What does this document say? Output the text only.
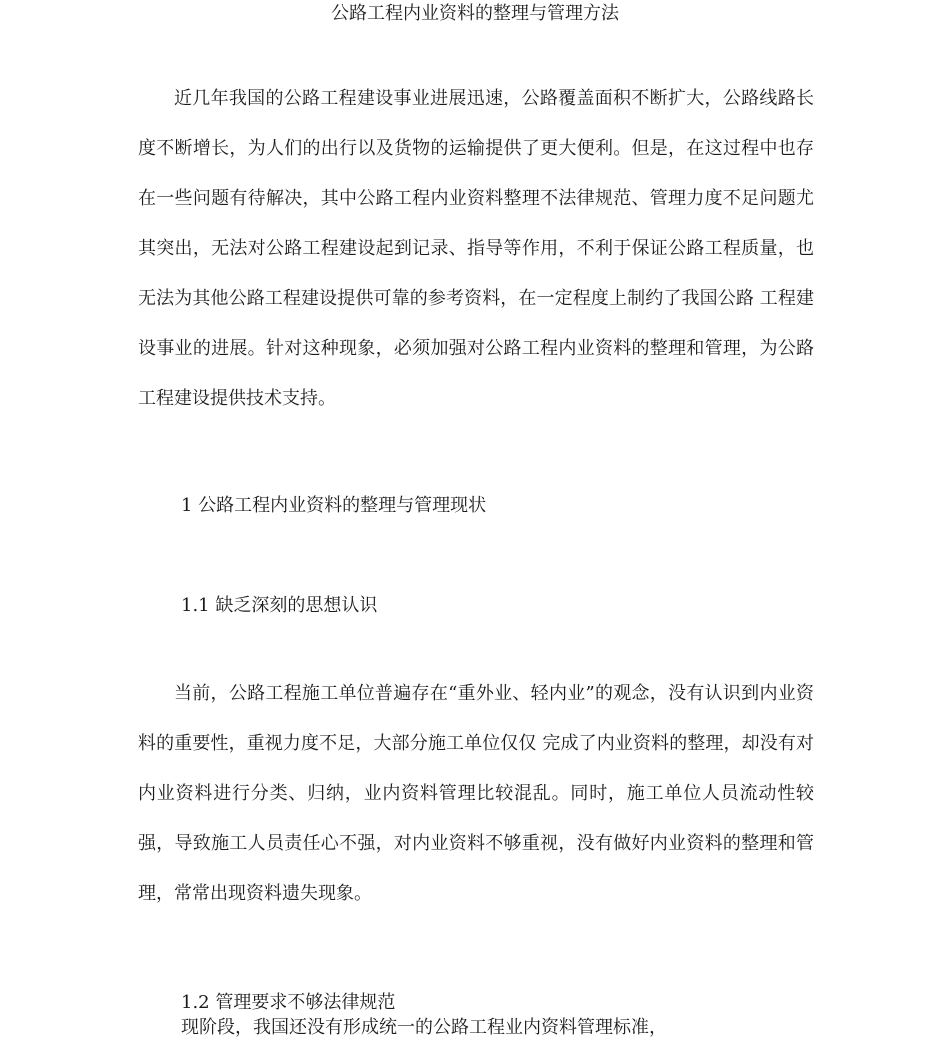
公路工程内业资料的整理与管理方法

近几年我国的公路工程建设事业进展迅速，公路覆盖面积不断扩大，公路线路长度不断增长，为人们的出行以及货物的运输提供了更大便利。但是，在这过程中也存在一些问题有待解决，其中公路工程内业资料整理不法律规范、管理力度不足问题尤其突出，无法对公路工程建设起到记录、指导等作用，不利于保证公路工程质量，也无法为其他公路工程建设提供可靠的参考资料，在一定程度上制约了我国公路 工程建设事业的进展。针对这种现象，必须加强对公路工程内业资料的整理和管理，为公路工程建设提供技术支持。

1 公路工程内业资料的整理与管理现状
1.1 缺乏深刻的思想认识

当前，公路工程施工单位普遍存在“重外业、轻内业”的观念，没有认识到内业资料的重要性，重视力度不足，大部分施工单位仅仅 完成了内业资料的整理，却没有对内业资料进行分类、归纳，业内资料管理比较混乱。同时，施工单位人员流动性较强，导致施工人员责任心不强，对内业资料不够重视，没有做好内业资料的整理和管理，常常出现资料遗失现象。

1.2 管理要求不够法律规范

现阶段，我国还没有形成统一的公路工程业内资料管理标准，
